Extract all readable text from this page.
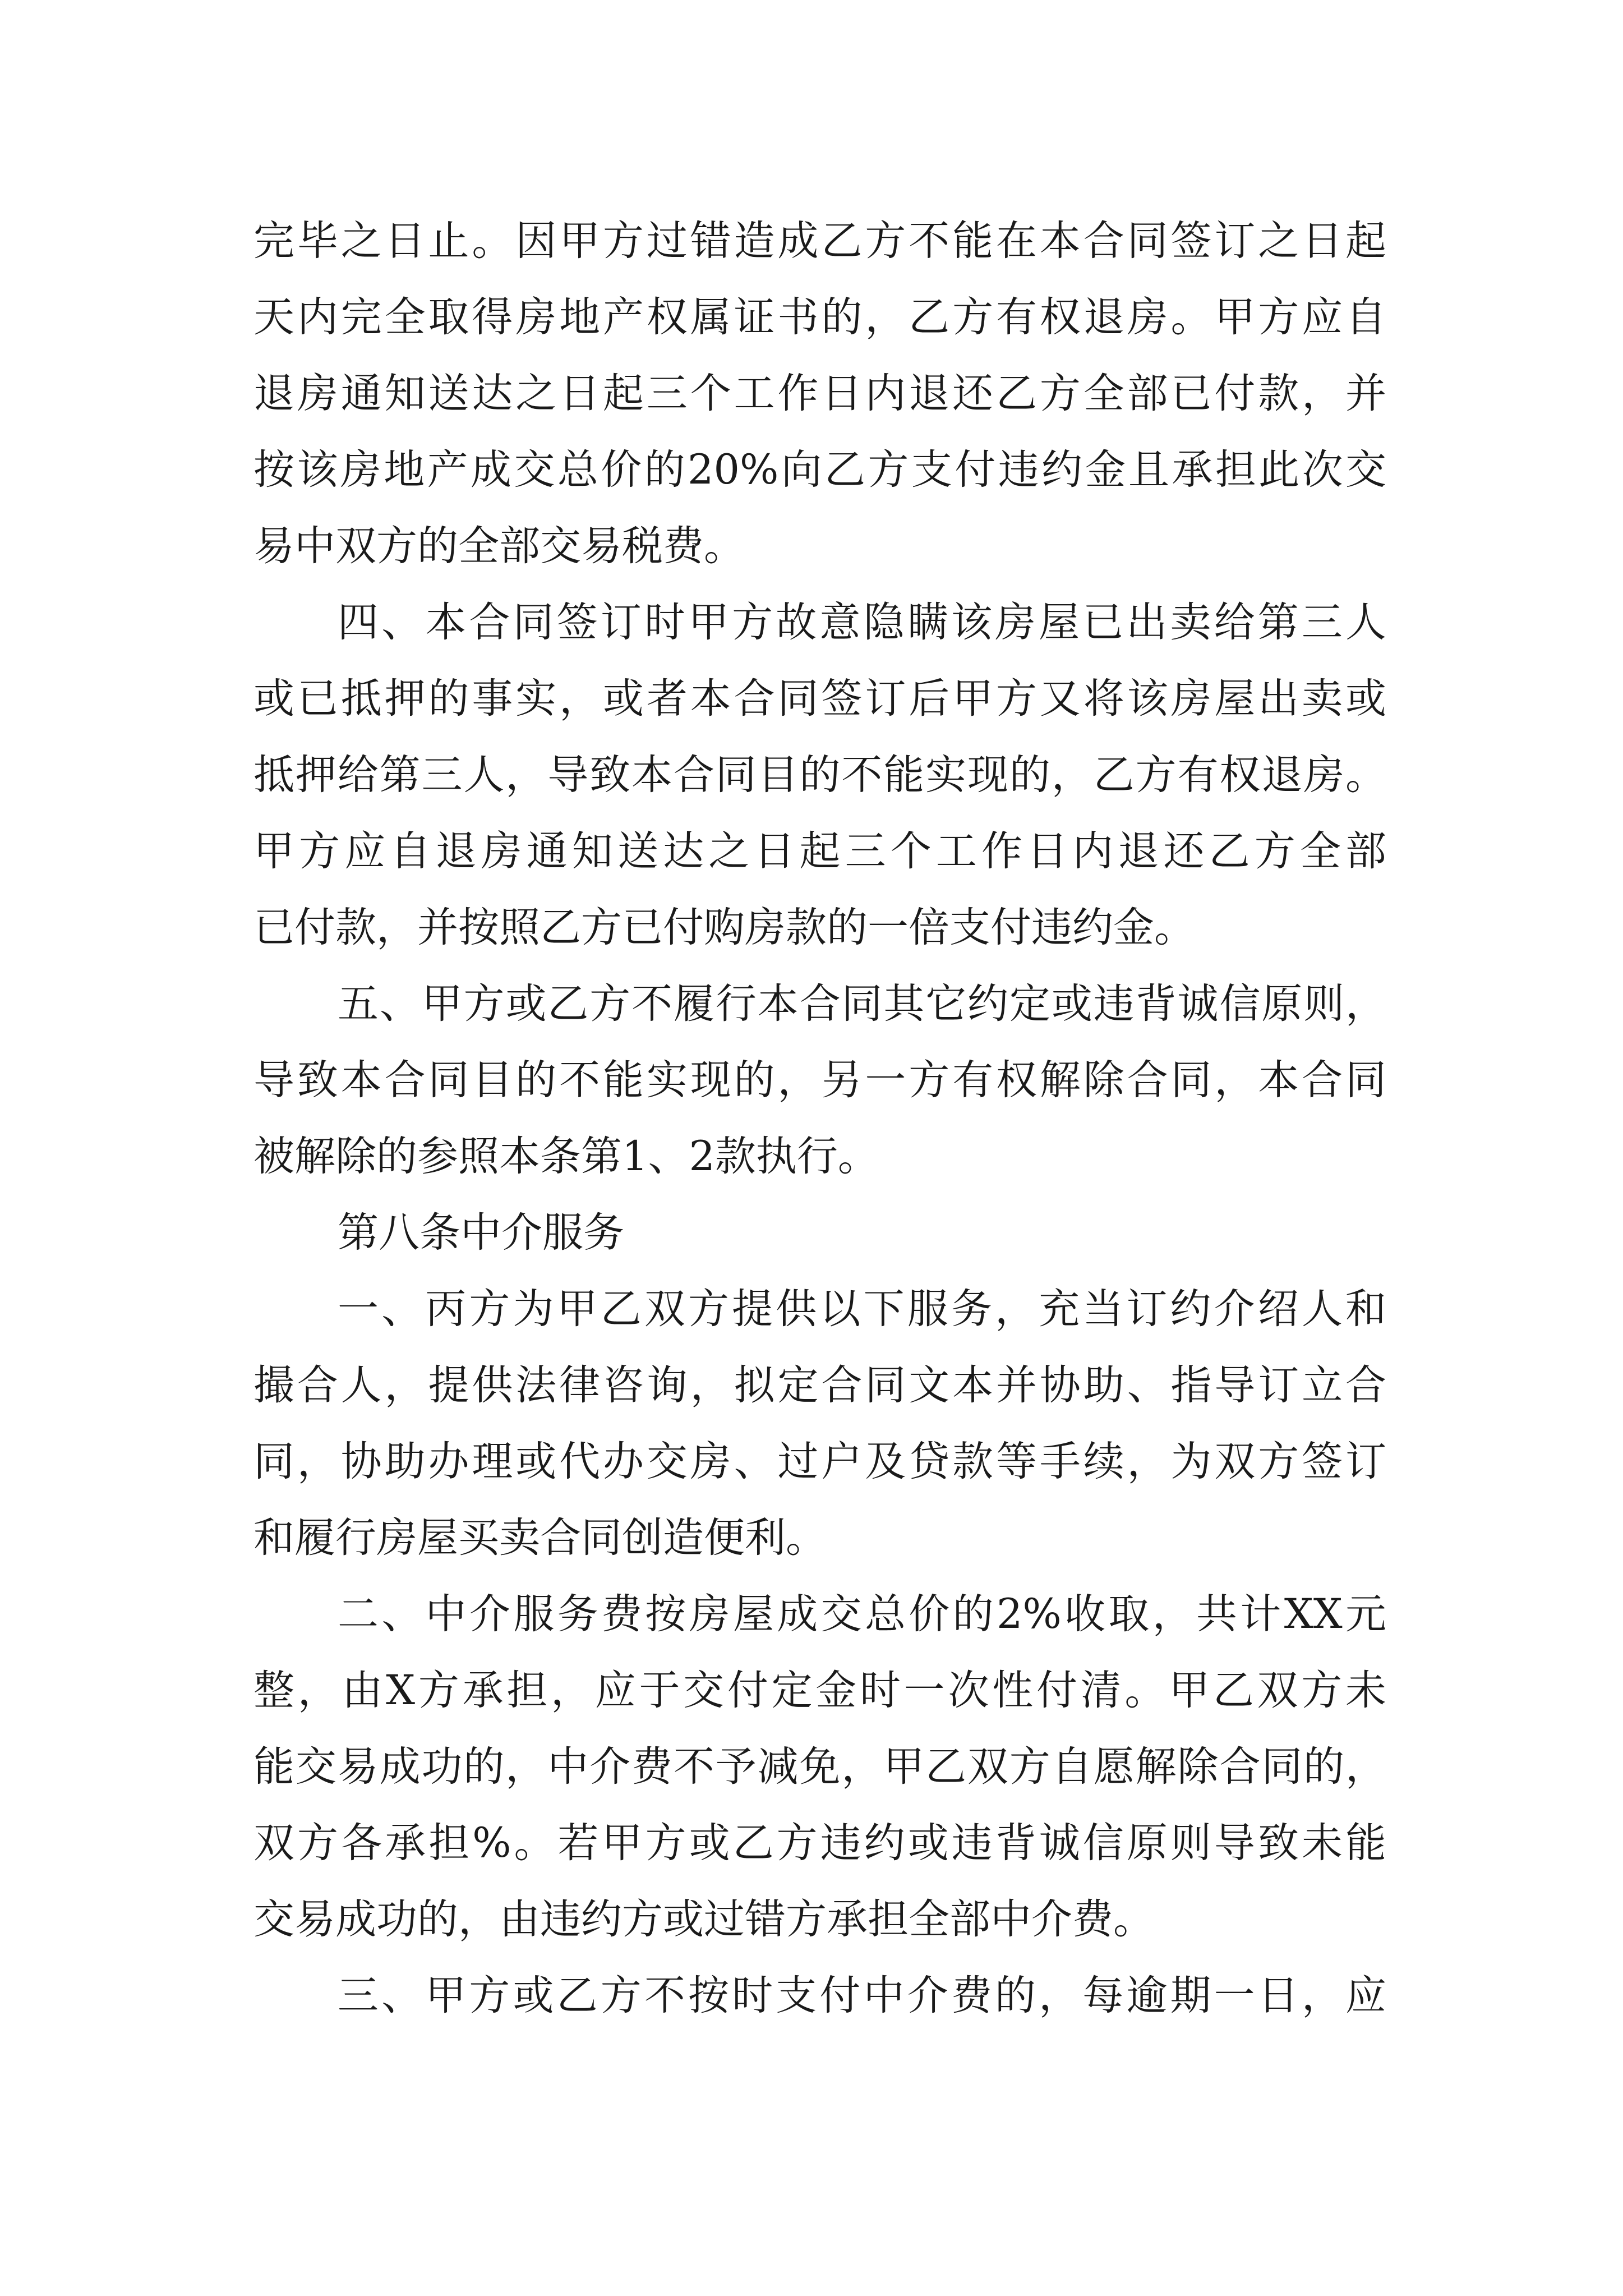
完毕之日止。因甲方过错造成乙方不能在本合同签订之日起
天内完全取得房地产权属证书的，乙方有权退房。甲方应自
退房通知送达之日起三个工作日内退还乙方全部已付款，并
按该房地产成交总价的20%向乙方支付违约金且承担此次交
易中双方的全部交易税费。
四、本合同签订时甲方故意隐瞒该房屋已出卖给第三人
或已抵押的事实，或者本合同签订后甲方又将该房屋出卖或
抵押给第三人，导致本合同目的不能实现的，乙方有权退房。
甲方应自退房通知送达之日起三个工作日内退还乙方全部
已付款，并按照乙方已付购房款的一倍支付违约金。
五、甲方或乙方不履行本合同其它约定或违背诚信原则，
导致本合同目的不能实现的，另一方有权解除合同，本合同
被解除的参照本条第1、2款执行。
第八条中介服务
一、丙方为甲乙双方提供以下服务，充当订约介绍人和
撮合人，提供法律咨询，拟定合同文本并协助、指导订立合
同，协助办理或代办交房、过户及贷款等手续，为双方签订
和履行房屋买卖合同创造便利。
二、中介服务费按房屋成交总价的2%收取，共计XX元
整，由X方承担，应于交付定金时一次性付清。甲乙双方未
能交易成功的，中介费不予减免，甲乙双方自愿解除合同的，
双方各承担%。若甲方或乙方违约或违背诚信原则导致未能
交易成功的，由违约方或过错方承担全部中介费。
三、甲方或乙方不按时支付中介费的，每逾期一日，应
